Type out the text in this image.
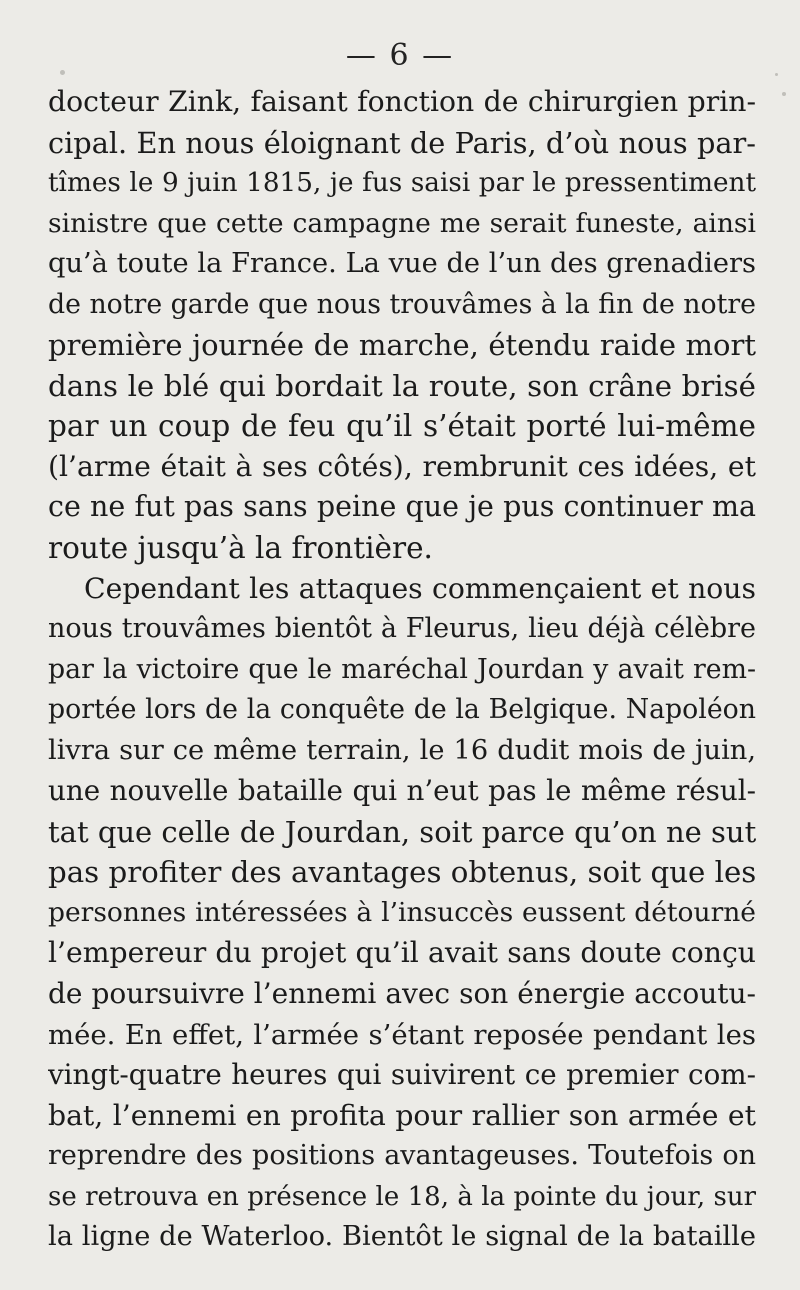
— 6 —

docteur Zink, faisant fonction de chirurgien prin-
cipal. En nous éloignant de Paris, d’où nous par-
tîmes le 9 juin 1815, je fus saisi par le pressentiment
sinistre que cette campagne me serait funeste, ainsi
qu’à toute la France. La vue de l’un des grenadiers
de notre garde que nous trouvâmes à la fin de notre
première journée de marche, étendu raide mort
dans le blé qui bordait la route, son crâne brisé
par un coup de feu qu’il s’était porté lui-même
(l’arme était à ses côtés), rembrunit ces idées, et
ce ne fut pas sans peine que je pus continuer ma
route jusqu’à la frontière.

Cependant les attaques commençaient et nous
nous trouvâmes bientôt à Fleurus, lieu déjà célèbre
par la victoire que le maréchal Jourdan y avait rem-
portée lors de la conquête de la Belgique. Napoléon
livra sur ce même terrain, le 16 dudit mois de juin,
une nouvelle bataille qui n’eut pas le même résul-
tat que celle de Jourdan, soit parce qu’on ne sut
pas profiter des avantages obtenus, soit que les
personnes intéressées à l’insuccès eussent détourné
l’empereur du projet qu’il avait sans doute conçu
de poursuivre l’ennemi avec son énergie accoutu-
mée. En effet, l’armée s’étant reposée pendant les
vingt-quatre heures qui suivirent ce premier com-
bat, l’ennemi en profita pour rallier son armée et
reprendre des positions avantageuses. Toutefois on
se retrouva en présence le 18, à la pointe du jour, sur
la ligne de Waterloo. Bientôt le signal de la bataille
